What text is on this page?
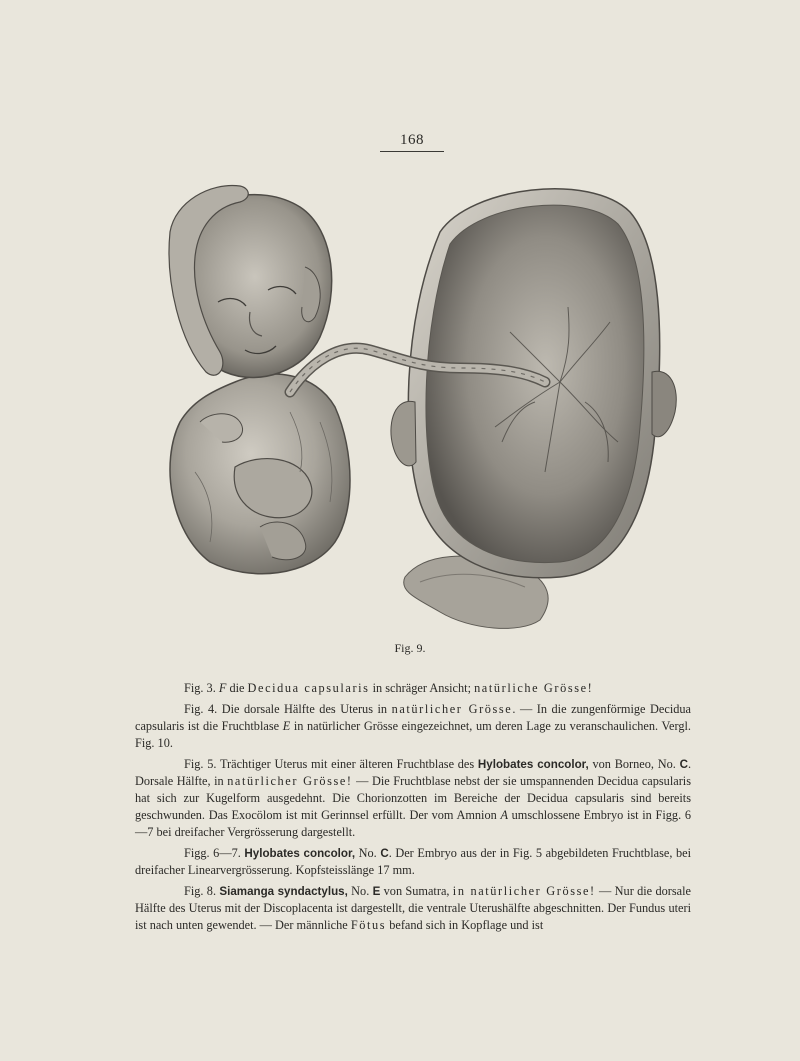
168
Fig. 9.

Fig. 3. F die Decidua capsularis in schräger Ansicht; natürliche Grösse!

Fig. 4. Die dorsale Hälfte des Uterus in natürlicher Grösse. — In die zungenförmige Decidua capsularis ist die Fruchtblase E in natürlicher Grösse eingezeichnet, um deren Lage zu veranschaulichen. Vergl. Fig. 10.

Fig. 5. Trächtiger Uterus mit einer älteren Fruchtblase des Hylobates concolor, von Borneo, No. C. Dorsale Hälfte, in natürlicher Grösse! — Die Fruchtblase nebst der sie umspannenden Decidua capsularis hat sich zur Kugelform ausgedehnt. Die Chorionzotten im Bereiche der Decidua capsularis sind bereits geschwunden. Das Exocölom ist mit Gerinnsel erfüllt. Der vom Amnion A umschlossene Embryo ist in Figg. 6—7 bei dreifacher Vergrösserung dargestellt.

Figg. 6—7. Hylobates concolor, No. C. Der Embryo aus der in Fig. 5 abgebildeten Fruchtblase, bei dreifacher Linearvergrösserung. Kopfsteisslänge 17 mm.

Fig. 8. Siamanga syndactylus, No. E von Sumatra, in natürlicher Grösse! — Nur die dorsale Hälfte des Uterus mit der Discoplacenta ist dargestellt, die ventrale Uterushälfte abgeschnitten. Der Fundus uteri ist nach unten gewendet. — Der männliche Fötus befand sich in Kopflage und ist
